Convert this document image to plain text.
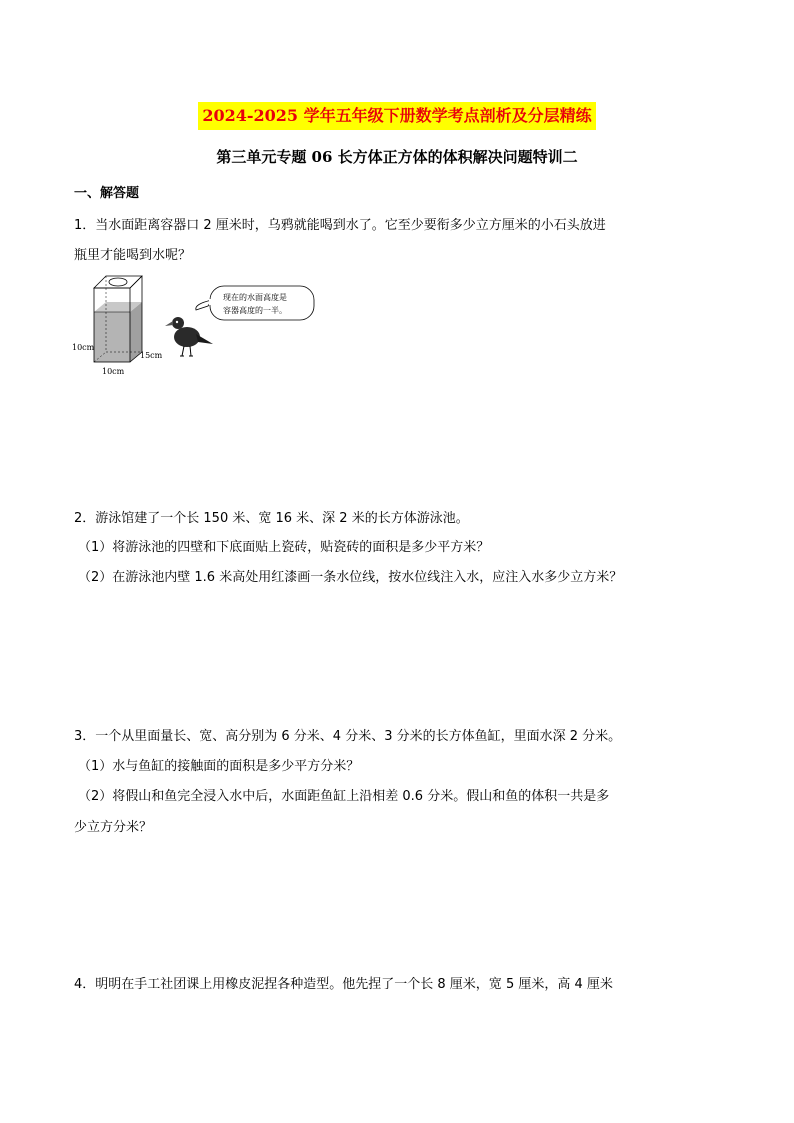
2024-2025 学年五年级下册数学考点剖析及分层精练
第三单元专题 06 长方体正方体的体积解决问题特训二
一、解答题
1．当水面距离容器口 2 厘米时，乌鸦就能喝到水了。它至少要衔多少立方厘米的小石头放进
瓶里才能喝到水呢？
10cm
10cm
15cm
现在的水面高度是
容器高度的一半。
2．游泳馆建了一个长 150 米、宽 16 米、深 2 米的长方体游泳池。
（1）将游泳池的四壁和下底面贴上瓷砖，贴瓷砖的面积是多少平方米？
（2）在游泳池内壁 1.6 米高处用红漆画一条水位线，按水位线注入水，应注入水多少立方米？
3．一个从里面量长、宽、高分别为 6 分米、4 分米、3 分米的长方体鱼缸，里面水深 2 分米。
（1）水与鱼缸的接触面的面积是多少平方分米？
（2）将假山和鱼完全浸入水中后，水面距鱼缸上沿相差 0.6 分米。假山和鱼的体积一共是多
少立方分米？
4．明明在手工社团课上用橡皮泥捏各种造型。他先捏了一个长 8 厘米，宽 5 厘米，高 4 厘米
